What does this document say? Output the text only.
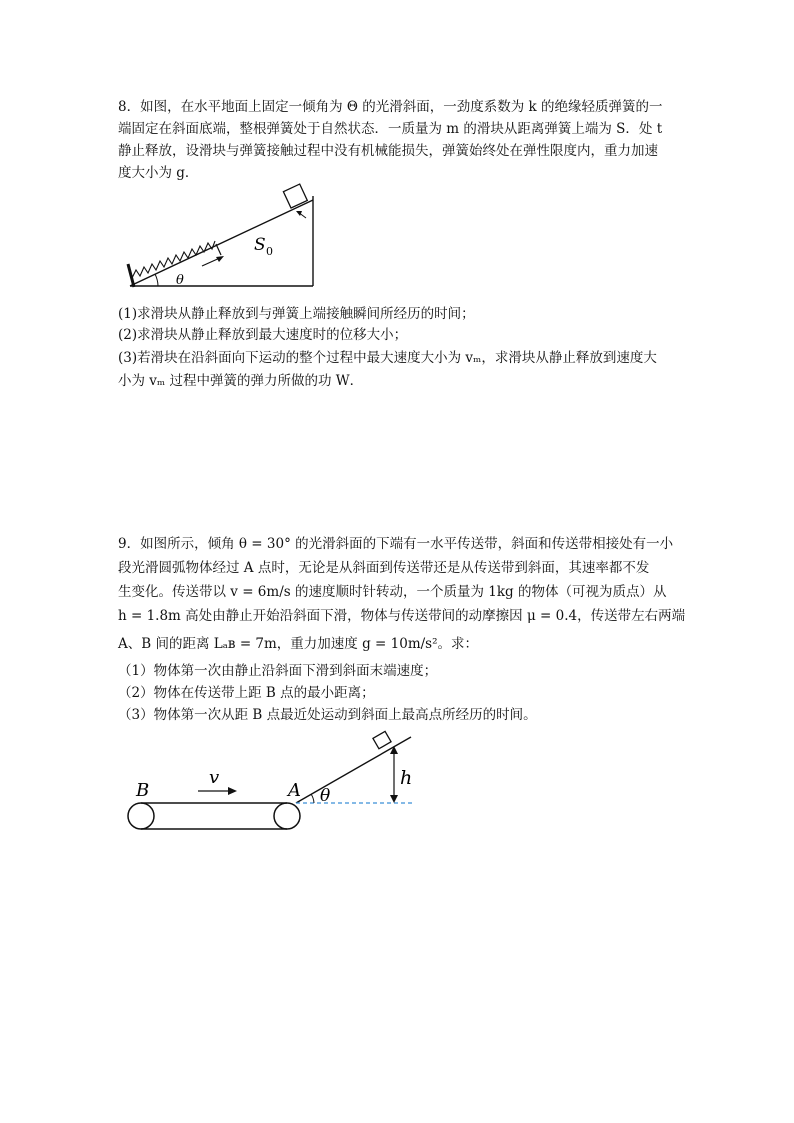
8．如图，在水平地面上固定一倾角为 Θ 的光滑斜面，一劲度系数为 k 的绝缘轻质弹簧的一
端固定在斜面底端，整根弹簧处于自然状态．一质量为 m 的滑块从距离弹簧上端为 S．处 t
静止释放，设滑块与弹簧接触过程中没有机械能损失，弹簧始终处在弹性限度内，重力加速
度大小为 g．
S 0
θ
(1)求滑块从静止释放到与弹簧上端接触瞬间所经历的时间；
(2)求滑块从静止释放到最大速度时的位移大小；
(3)若滑块在沿斜面向下运动的整个过程中最大速度大小为 vₘ，求滑块从静止释放到速度大
小为 vₘ 过程中弹簧的弹力所做的功 W．
9．如图所示，倾角 θ = 30° 的光滑斜面的下端有一水平传送带，斜面和传送带相接处有一小
段光滑圆弧物体经过 A 点时，无论是从斜面到传送带还是从传送带到斜面，其速率都不发
生变化。传送带以 v = 6m/s 的速度顺时针转动，一个质量为 1kg 的物体（可视为质点）从
h = 1.8m 高处由静止开始沿斜面下滑，物体与传送带间的动摩擦因 μ = 0.4，传送带左右两端
A、B 间的距离 Lₐʙ = 7m，重力加速度 g = 10m/s²。求：
（1）物体第一次由静止沿斜面下滑到斜面末端速度；
（2）物体在传送带上距 B 点的最小距离；
（3）物体第一次从距 B 点最近处运动到斜面上最高点所经历的时间。
B
v
A θ
h
